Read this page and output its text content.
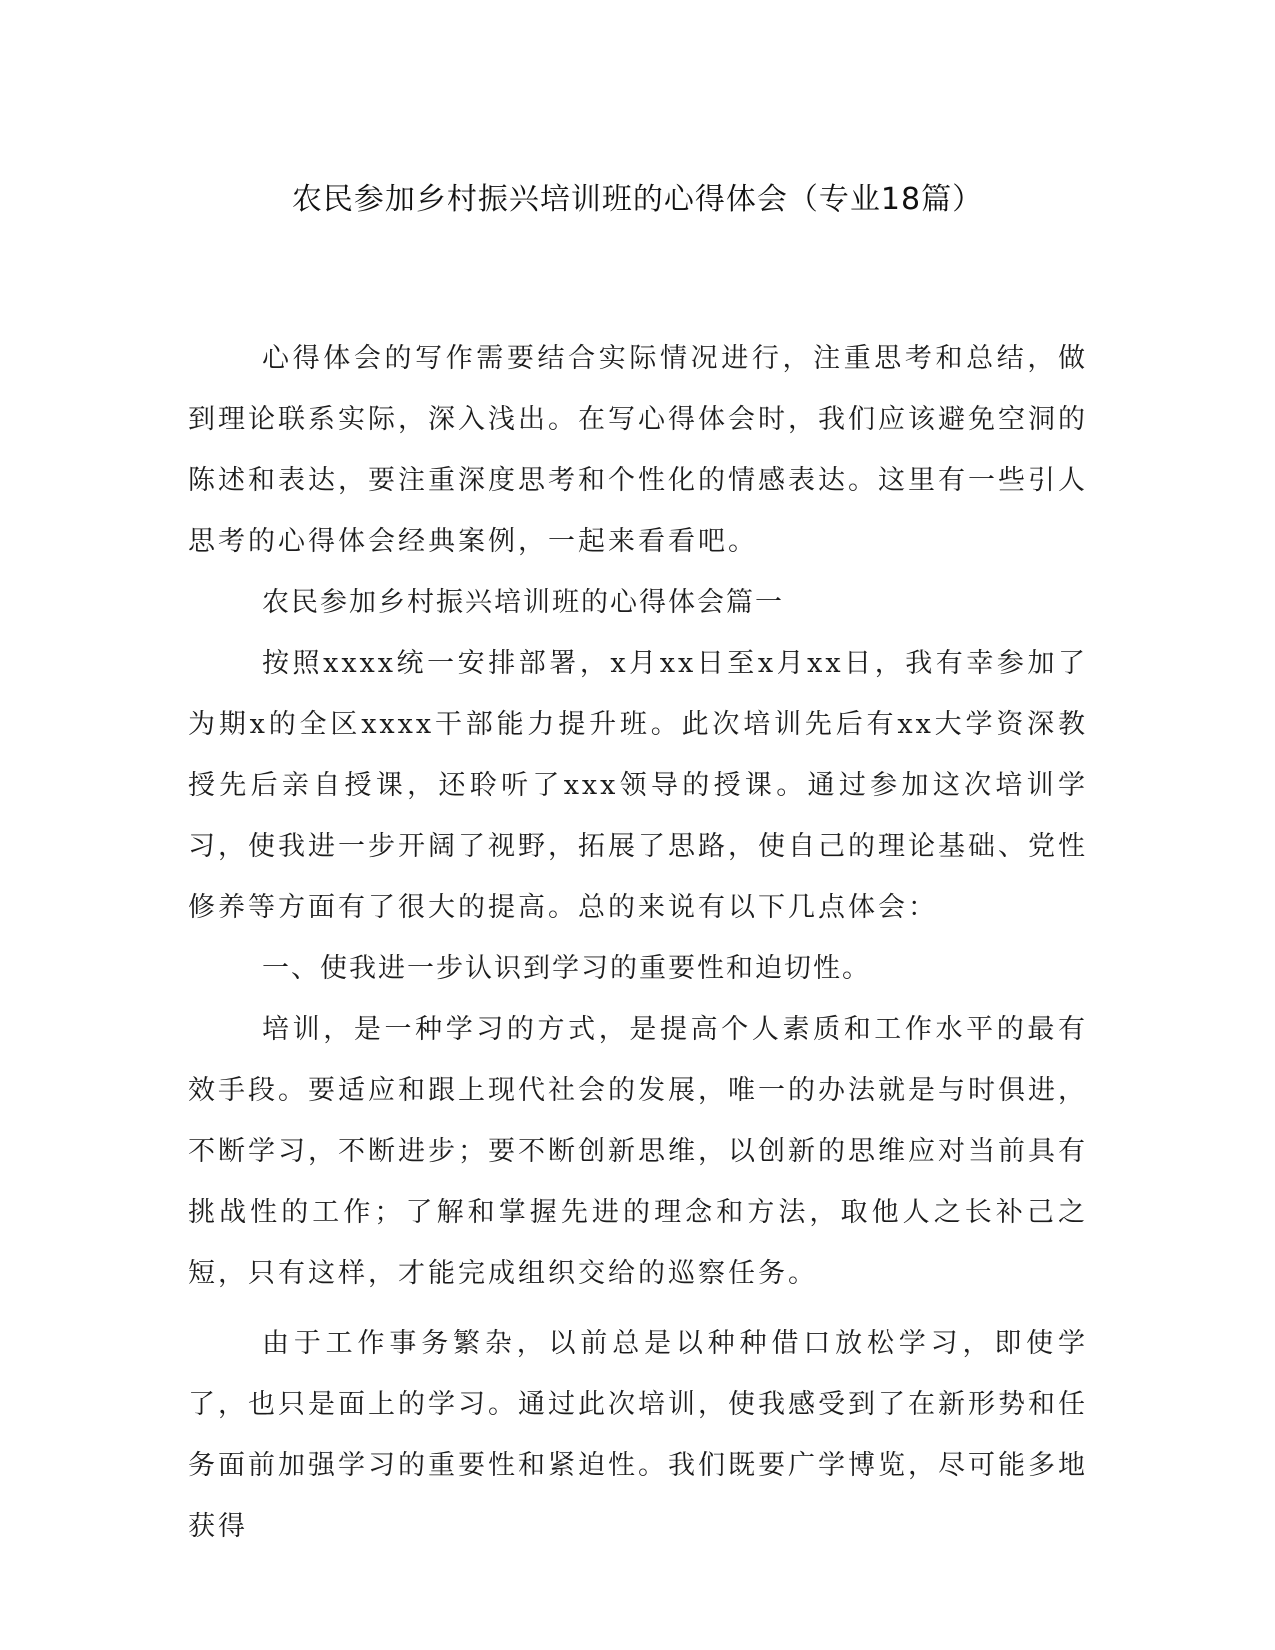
农民参加乡村振兴培训班的心得体会（专业18篇）

心得体会的写作需要结合实际情况进行，注重思考和总结，做到理论联系实际，深入浅出。在写心得体会时，我们应该避免空洞的陈述和表达，要注重深度思考和个性化的情感表达。这里有一些引人思考的心得体会经典案例，一起来看看吧。

农民参加乡村振兴培训班的心得体会篇一

按照xxxx统一安排部署，x月xx日至x月xx日，我有幸参加了为期x的全区xxxx干部能力提升班。此次培训先后有xx大学资深教授先后亲自授课，还聆听了xxx领导的授课。通过参加这次培训学习，使我进一步开阔了视野，拓展了思路，使自己的理论基础、党性修养等方面有了很大的提高。总的来说有以下几点体会：

一、使我进一步认识到学习的重要性和迫切性。

培训，是一种学习的方式，是提高个人素质和工作水平的最有效手段。要适应和跟上现代社会的发展，唯一的办法就是与时俱进，不断学习，不断进步；要不断创新思维，以创新的思维应对当前具有挑战性的工作；了解和掌握先进的理念和方法，取他人之长补己之短，只有这样，才能完成组织交给的巡察任务。

由于工作事务繁杂，以前总是以种种借口放松学习，即使学了，也只是面上的学习。通过此次培训，使我感受到了在新形势和任务面前加强学习的重要性和紧迫性。我们既要广学博览，尽可能多地获得
